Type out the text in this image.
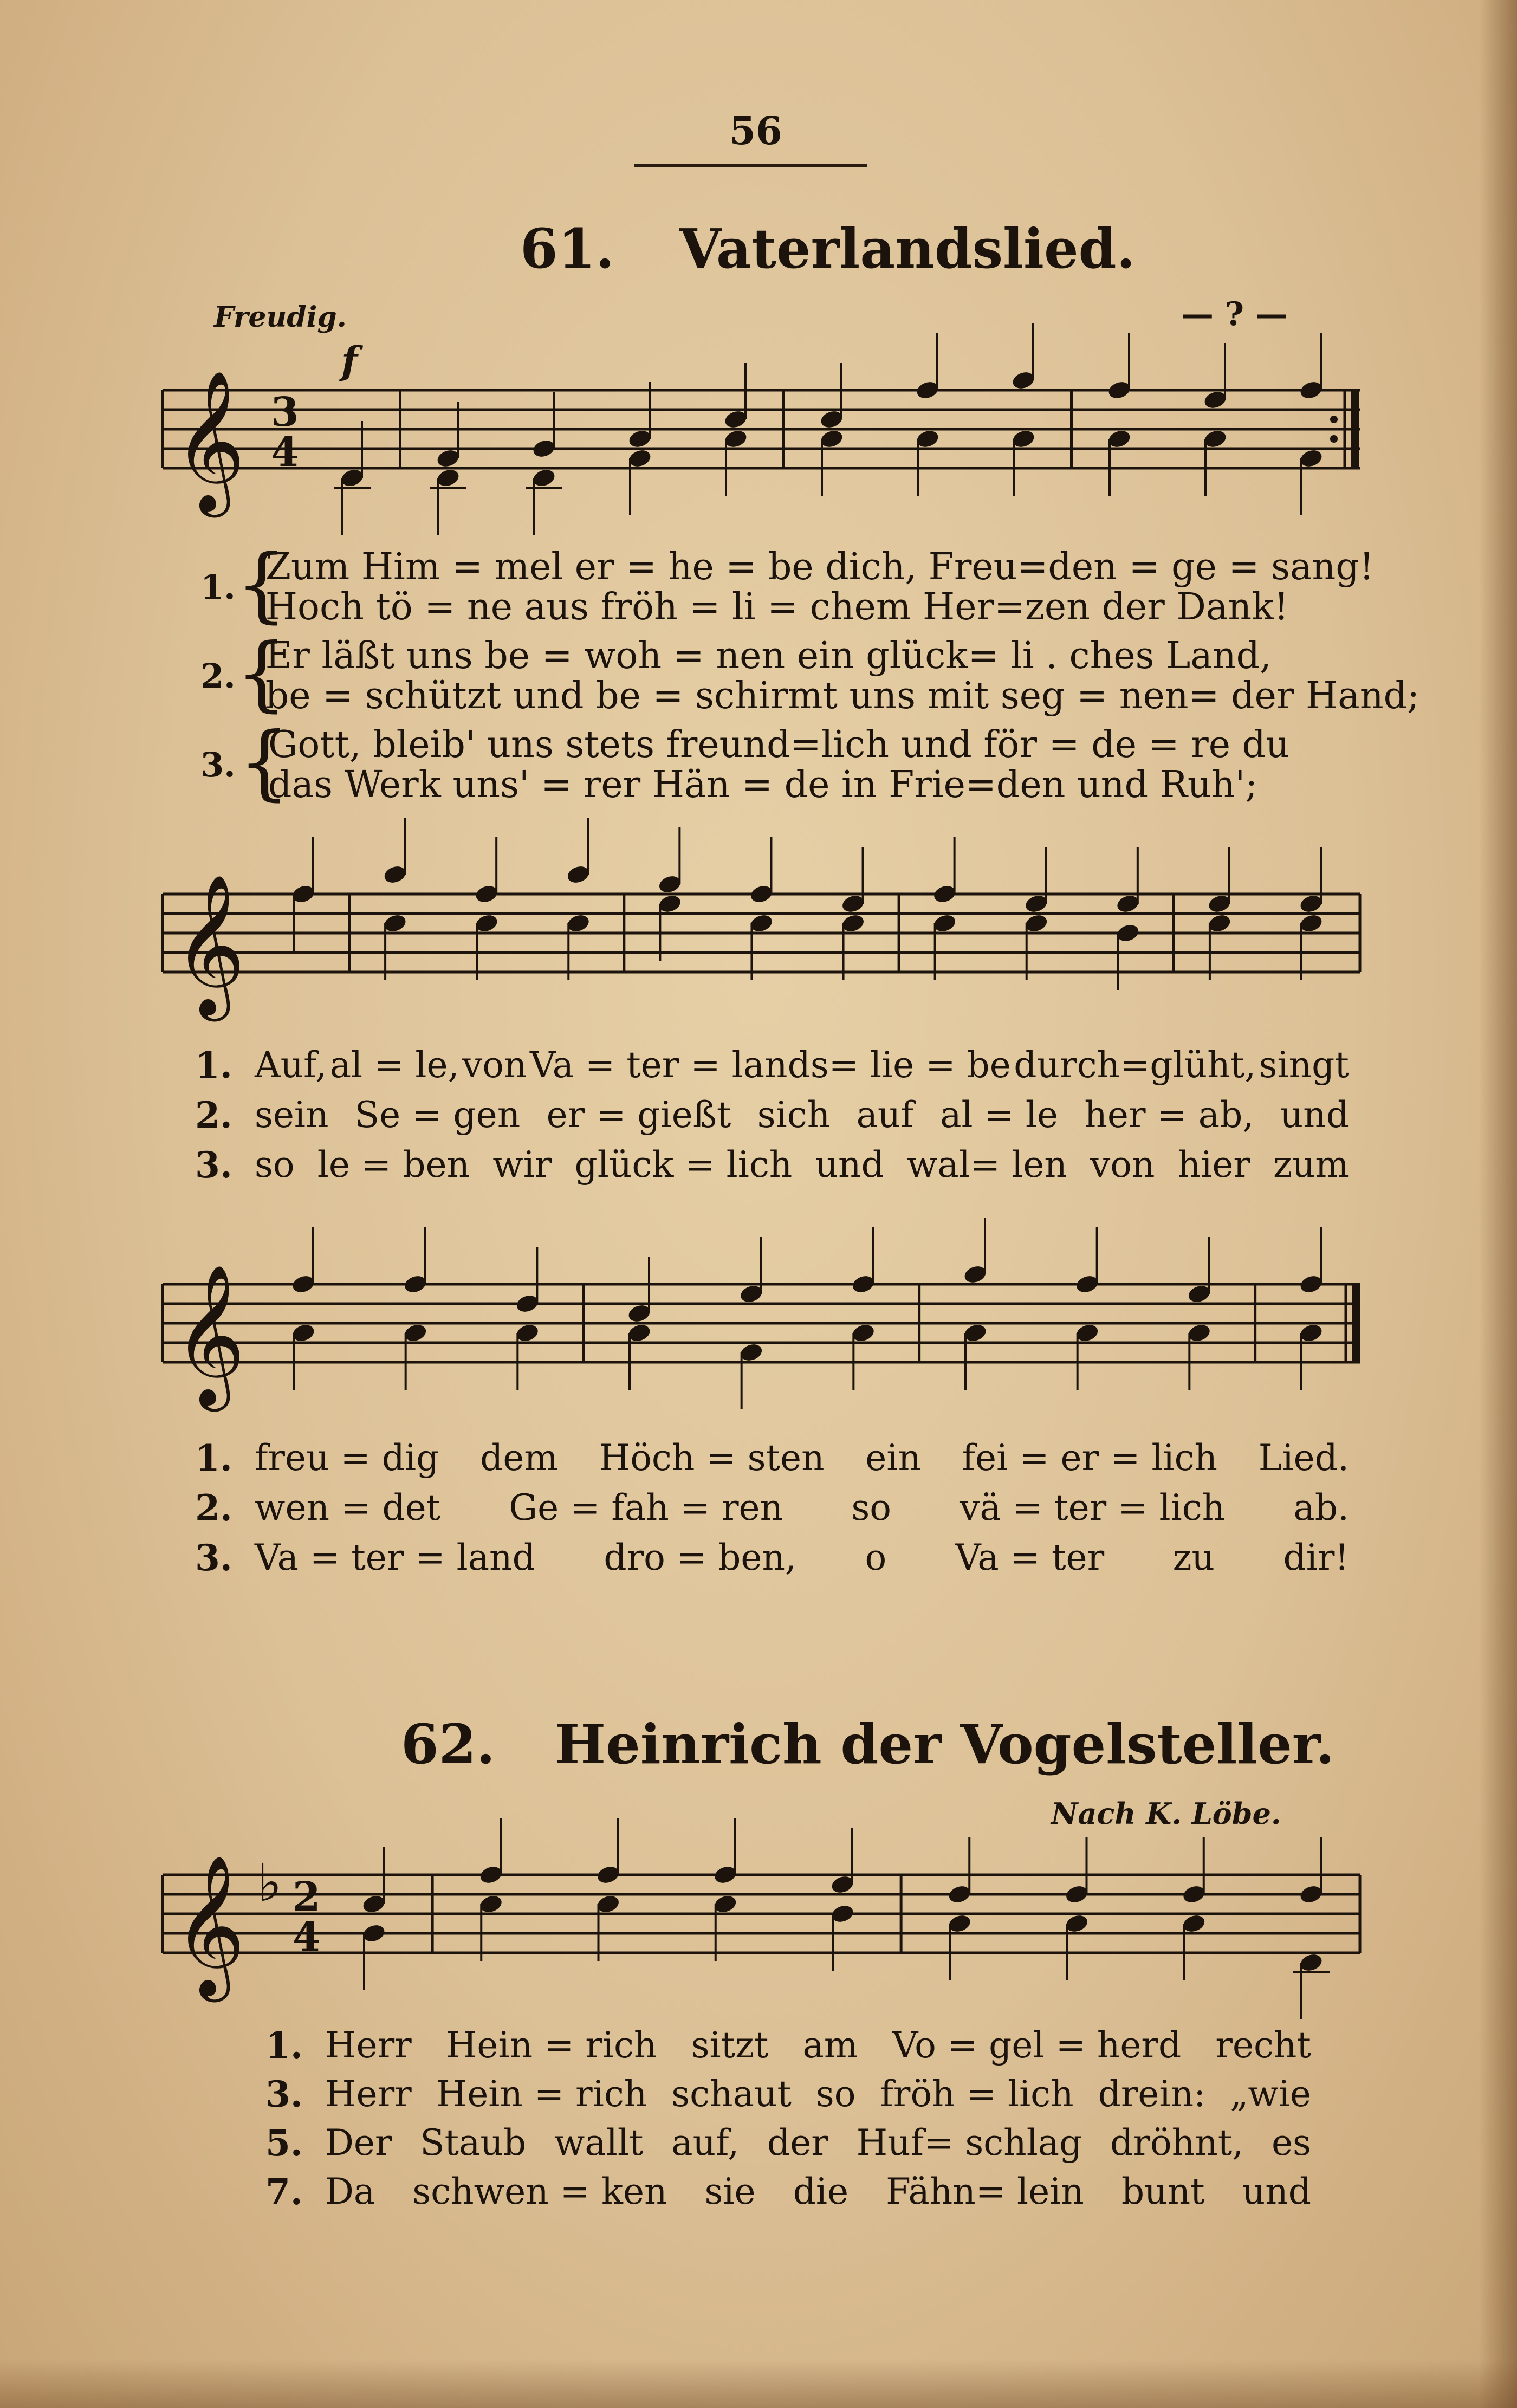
56
61. Vaterlandslied.
Freudig.	— ? —
𝄞 3
4
f
1. {
Zum Him = mel er = he = be dich, Freu=den = ge = sang!
Hoch tö = ne aus fröh = li = chem Her=zen der Dank!
2. {
Er läßt uns be = woh = nen ein glück= li . ches Land,
be = schützt und be = schirmt uns mit seg = nen= der Hand;
3. {
Gott, bleib' uns stets freund=lich und för = de = re du
das Werk uns' = rer Hän = de in Frie=den und Ruh';
𝄞
1. Auf, al = le, von Va = ter = lands= lie = be durch=glüht, singt
2. sein Se = gen er = gießt sich auf al = le her = ab, und
3. so le = ben wir glück = lich und wal= len von hier zum
𝄞
1. freu = dig dem Höch = sten ein fei = er = lich Lied.
2. wen = det Ge = fah = ren so vä = ter = lich ab.
3. Va = ter = land dro = ben, o Va = ter zu dir!
62. Heinrich der Vogelsteller.
Nach K. Löbe.
𝄞 ♭ 2
4
1. Herr Hein = rich sitzt am Vo = gel = herd recht
3. Herr Hein = rich schaut so fröh = lich drein: „wie
5. Der Staub wallt auf, der Huf= schlag dröhnt, es
7. Da schwen = ken sie die Fähn= lein bunt und
